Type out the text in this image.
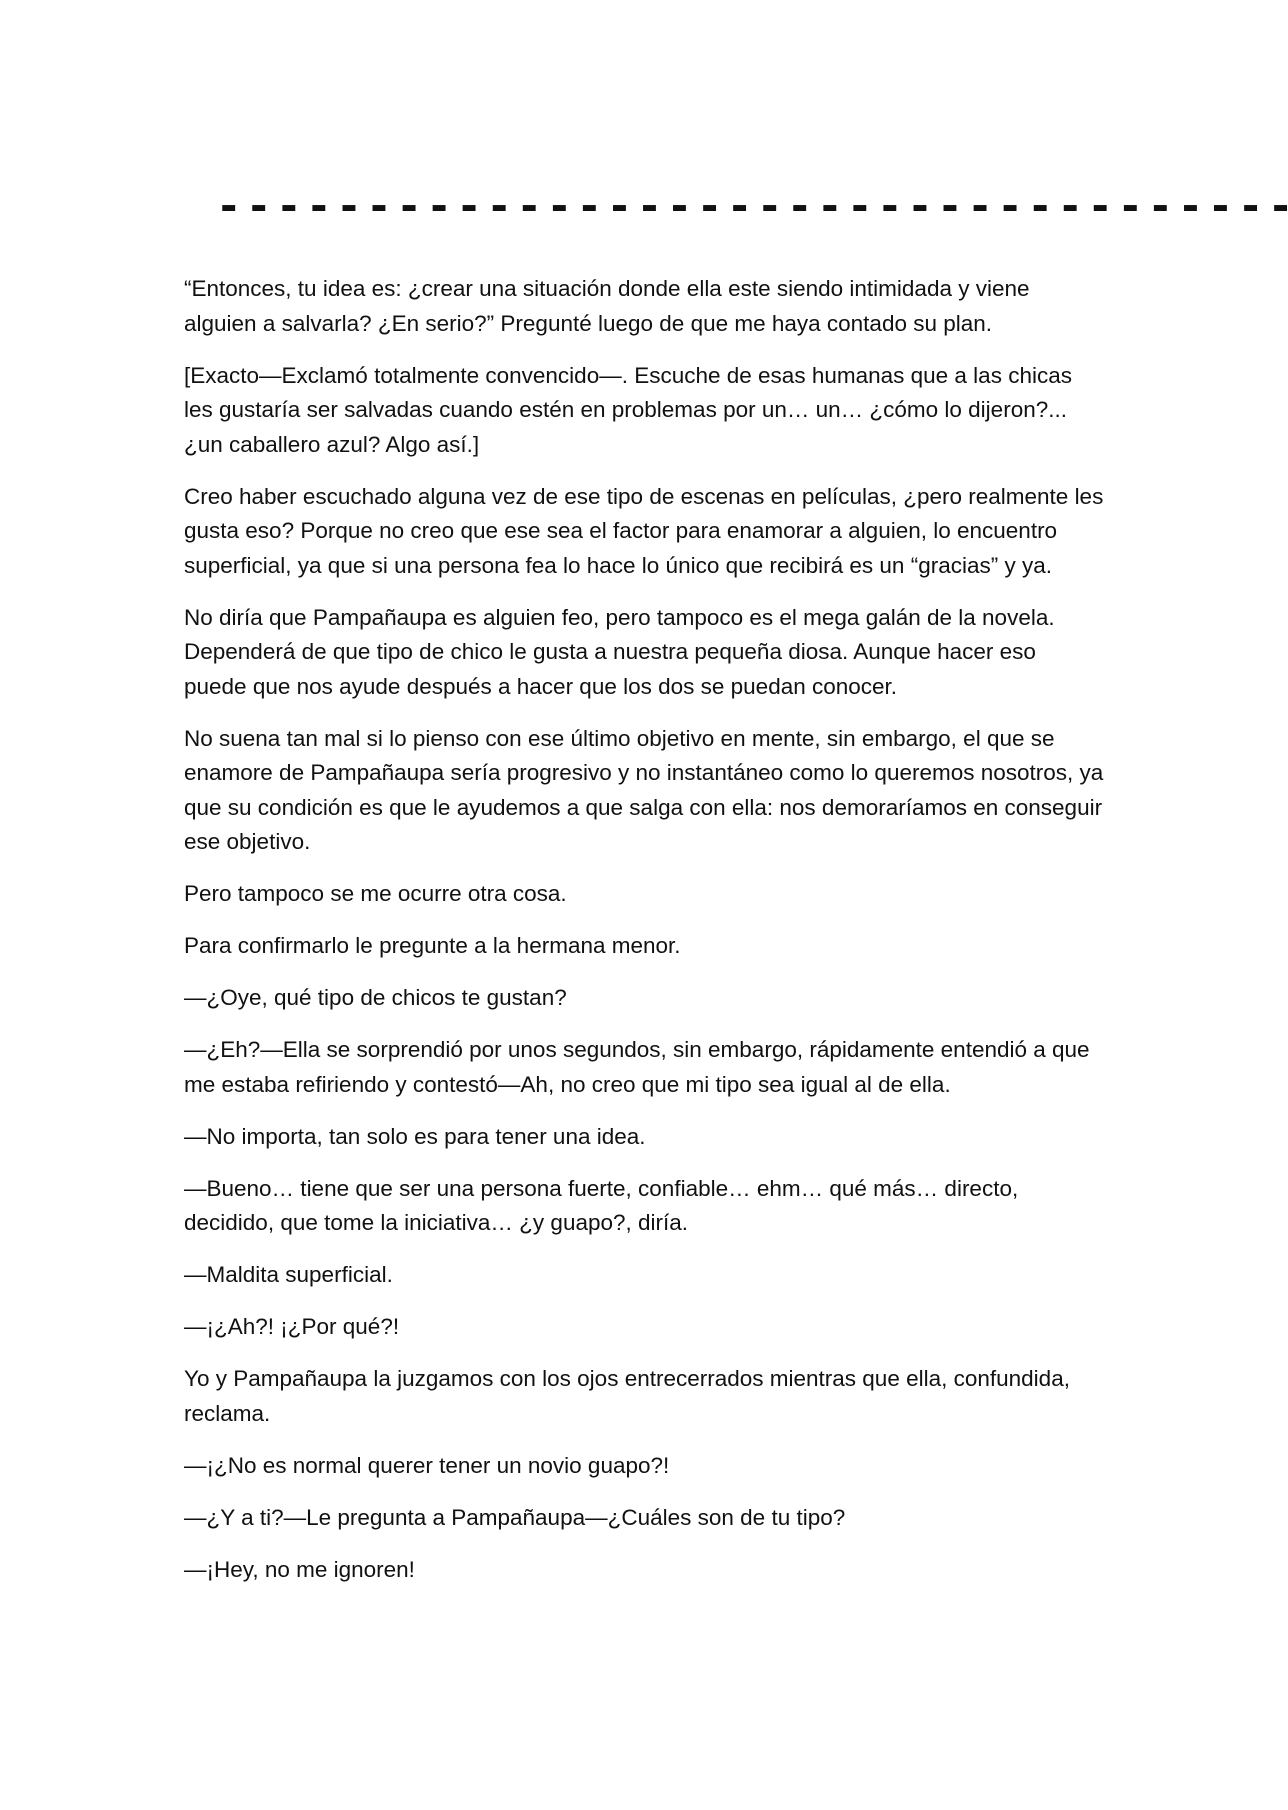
- - - - - - - - - - - - - - - - - - - - - - - - - - - - - - - - - - - -

“Entonces, tu idea es: ¿crear una situación donde ella este siendo intimidada y viene alguien a salvarla? ¿En serio?” Pregunté luego de que me haya contado su plan.

[Exacto—Exclamó totalmente convencido—. Escuche de esas humanas que a las chicas les gustaría ser salvadas cuando estén en problemas por un… un… ¿cómo lo dijeron?... ¿un caballero azul? Algo así.]

Creo haber escuchado alguna vez de ese tipo de escenas en películas, ¿pero realmente les gusta eso? Porque no creo que ese sea el factor para enamorar a alguien, lo encuentro superficial, ya que si una persona fea lo hace lo único que recibirá es un “gracias” y ya.

No diría que Pampañaupa es alguien feo, pero tampoco es el mega galán de la novela. Dependerá de que tipo de chico le gusta a nuestra pequeña diosa. Aunque hacer eso puede que nos ayude después a hacer que los dos se puedan conocer.

No suena tan mal si lo pienso con ese último objetivo en mente, sin embargo, el que se enamore de Pampañaupa sería progresivo y no instantáneo como lo queremos nosotros, ya que su condición es que le ayudemos a que salga con ella: nos demoraríamos en conseguir ese objetivo.

Pero tampoco se me ocurre otra cosa.

Para confirmarlo le pregunte a la hermana menor.

—¿Oye, qué tipo de chicos te gustan?

—¿Eh?—Ella se sorprendió por unos segundos, sin embargo, rápidamente entendió a que me estaba refiriendo y contestó—Ah, no creo que mi tipo sea igual al de ella.

—No importa, tan solo es para tener una idea.

—Bueno… tiene que ser una persona fuerte, confiable… ehm… qué más… directo, decidido, que tome la iniciativa… ¿y guapo?, diría.

—Maldita superficial.

—¡¿Ah?! ¡¿Por qué?!

Yo y Pampañaupa la juzgamos con los ojos entrecerrados mientras que ella, confundida, reclama.

—¡¿No es normal querer tener un novio guapo?!

—¿Y a ti?—Le pregunta a Pampañaupa—¿Cuáles son de tu tipo?

—¡Hey, no me ignoren!
